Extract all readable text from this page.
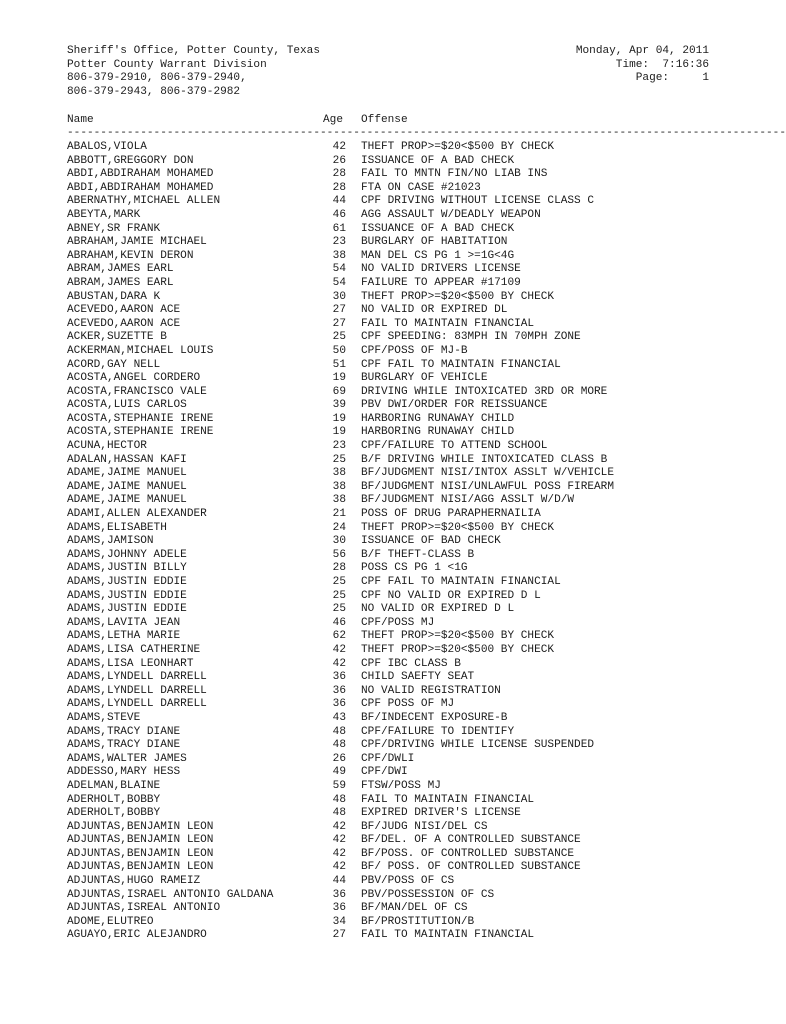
Sheriff's Office, Potter County, Texas
Potter County Warrant Division
806-379-2910, 806-379-2940,
806-379-2943, 806-379-2982
Monday, Apr 04, 2011
Time:  7:16:36
Page:     1
Name	Age Offense
------------------------------------------------------------------------------------------------------------
ABALOS,VIOLA	42 THEFT PROP>=$20<$500 BY CHECK
ABBOTT,GREGGORY DON	26 ISSUANCE OF A BAD CHECK
ABDI,ABDIRAHAM MOHAMED	28 FAIL TO MNTN FIN/NO LIAB INS
ABDI,ABDIRAHAM MOHAMED	28 FTA ON CASE #21023
ABERNATHY,MICHAEL ALLEN	44 CPF DRIVING WITHOUT LICENSE CLASS C
ABEYTA,MARK	46 AGG ASSAULT W/DEADLY WEAPON
ABNEY,SR FRANK	61 ISSUANCE OF A BAD CHECK
ABRAHAM,JAMIE MICHAEL	23 BURGLARY OF HABITATION
ABRAHAM,KEVIN DERON	38 MAN DEL CS PG 1 >=1G<4G
ABRAM,JAMES EARL	54 NO VALID DRIVERS LICENSE
ABRAM,JAMES EARL	54 FAILURE TO APPEAR #17109
ABUSTAN,DARA K	30 THEFT PROP>=$20<$500 BY CHECK
ACEVEDO,AARON ACE	27 NO VALID OR EXPIRED DL
ACEVEDO,AARON ACE	27 FAIL TO MAINTAIN FINANCIAL
ACKER,SUZETTE B	25 CPF SPEEDING: 83MPH IN 70MPH ZONE
ACKERMAN,MICHAEL LOUIS	50 CPF/POSS OF MJ-B
ACORD,GAY NELL	51 CPF FAIL TO MAINTAIN FINANCIAL
ACOSTA,ANGEL CORDERO	19 BURGLARY OF VEHICLE
ACOSTA,FRANCISCO VALE	69 DRIVING WHILE INTOXICATED 3RD OR MORE
ACOSTA,LUIS CARLOS	39 PBV DWI/ORDER FOR REISSUANCE
ACOSTA,STEPHANIE IRENE	19 HARBORING RUNAWAY CHILD
ACOSTA,STEPHANIE IRENE	19 HARBORING RUNAWAY CHILD
ACUNA,HECTOR	23 CPF/FAILURE TO ATTEND SCHOOL
ADALAN,HASSAN KAFI	25 B/F DRIVING WHILE INTOXICATED CLASS B
ADAME,JAIME MANUEL	38 BF/JUDGMENT NISI/INTOX ASSLT W/VEHICLE
ADAME,JAIME MANUEL	38 BF/JUDGMENT NISI/UNLAWFUL POSS FIREARM
ADAME,JAIME MANUEL	38 BF/JUDGMENT NISI/AGG ASSLT W/D/W
ADAMI,ALLEN ALEXANDER	21 POSS OF DRUG PARAPHERNAILIA
ADAMS,ELISABETH	24 THEFT PROP>=$20<$500 BY CHECK
ADAMS,JAMISON	30 ISSUANCE OF BAD CHECK
ADAMS,JOHNNY ADELE	56 B/F THEFT-CLASS B
ADAMS,JUSTIN BILLY	28 POSS CS PG 1 <1G
ADAMS,JUSTIN EDDIE	25 CPF FAIL TO MAINTAIN FINANCIAL
ADAMS,JUSTIN EDDIE	25 CPF NO VALID OR EXPIRED D L
ADAMS,JUSTIN EDDIE	25 NO VALID OR EXPIRED D L
ADAMS,LAVITA JEAN	46 CPF/POSS MJ
ADAMS,LETHA MARIE	62 THEFT PROP>=$20<$500 BY CHECK
ADAMS,LISA CATHERINE	42 THEFT PROP>=$20<$500 BY CHECK
ADAMS,LISA LEONHART	42 CPF IBC CLASS B
ADAMS,LYNDELL DARRELL	36 CHILD SAEFTY SEAT
ADAMS,LYNDELL DARRELL	36 NO VALID REGISTRATION
ADAMS,LYNDELL DARRELL	36 CPF POSS OF MJ
ADAMS,STEVE	43 BF/INDECENT EXPOSURE-B
ADAMS,TRACY DIANE	48 CPF/FAILURE TO IDENTIFY
ADAMS,TRACY DIANE	48 CPF/DRIVING WHILE LICENSE SUSPENDED
ADAMS,WALTER JAMES	26 CPF/DWLI
ADDESSO,MARY HESS	49 CPF/DWI
ADELMAN,BLAINE	59 FTSW/POSS MJ
ADERHOLT,BOBBY	48 FAIL TO MAINTAIN FINANCIAL
ADERHOLT,BOBBY	48 EXPIRED DRIVER'S LICENSE
ADJUNTAS,BENJAMIN LEON	42 BF/JUDG NISI/DEL CS
ADJUNTAS,BENJAMIN LEON	42 BF/DEL. OF A CONTROLLED SUBSTANCE
ADJUNTAS,BENJAMIN LEON	42 BF/POSS. OF CONTROLLED SUBSTANCE
ADJUNTAS,BENJAMIN LEON	42 BF/ POSS. OF CONTROLLED SUBSTANCE
ADJUNTAS,HUGO RAMEIZ	44 PBV/POSS OF CS
ADJUNTAS,ISRAEL ANTONIO GALDANA	36 PBV/POSSESSION OF CS
ADJUNTAS,ISREAL ANTONIO	36 BF/MAN/DEL OF CS
ADOME,ELUTREO	34 BF/PROSTITUTION/B
AGUAYO,ERIC ALEJANDRO	27 FAIL TO MAINTAIN FINANCIAL
